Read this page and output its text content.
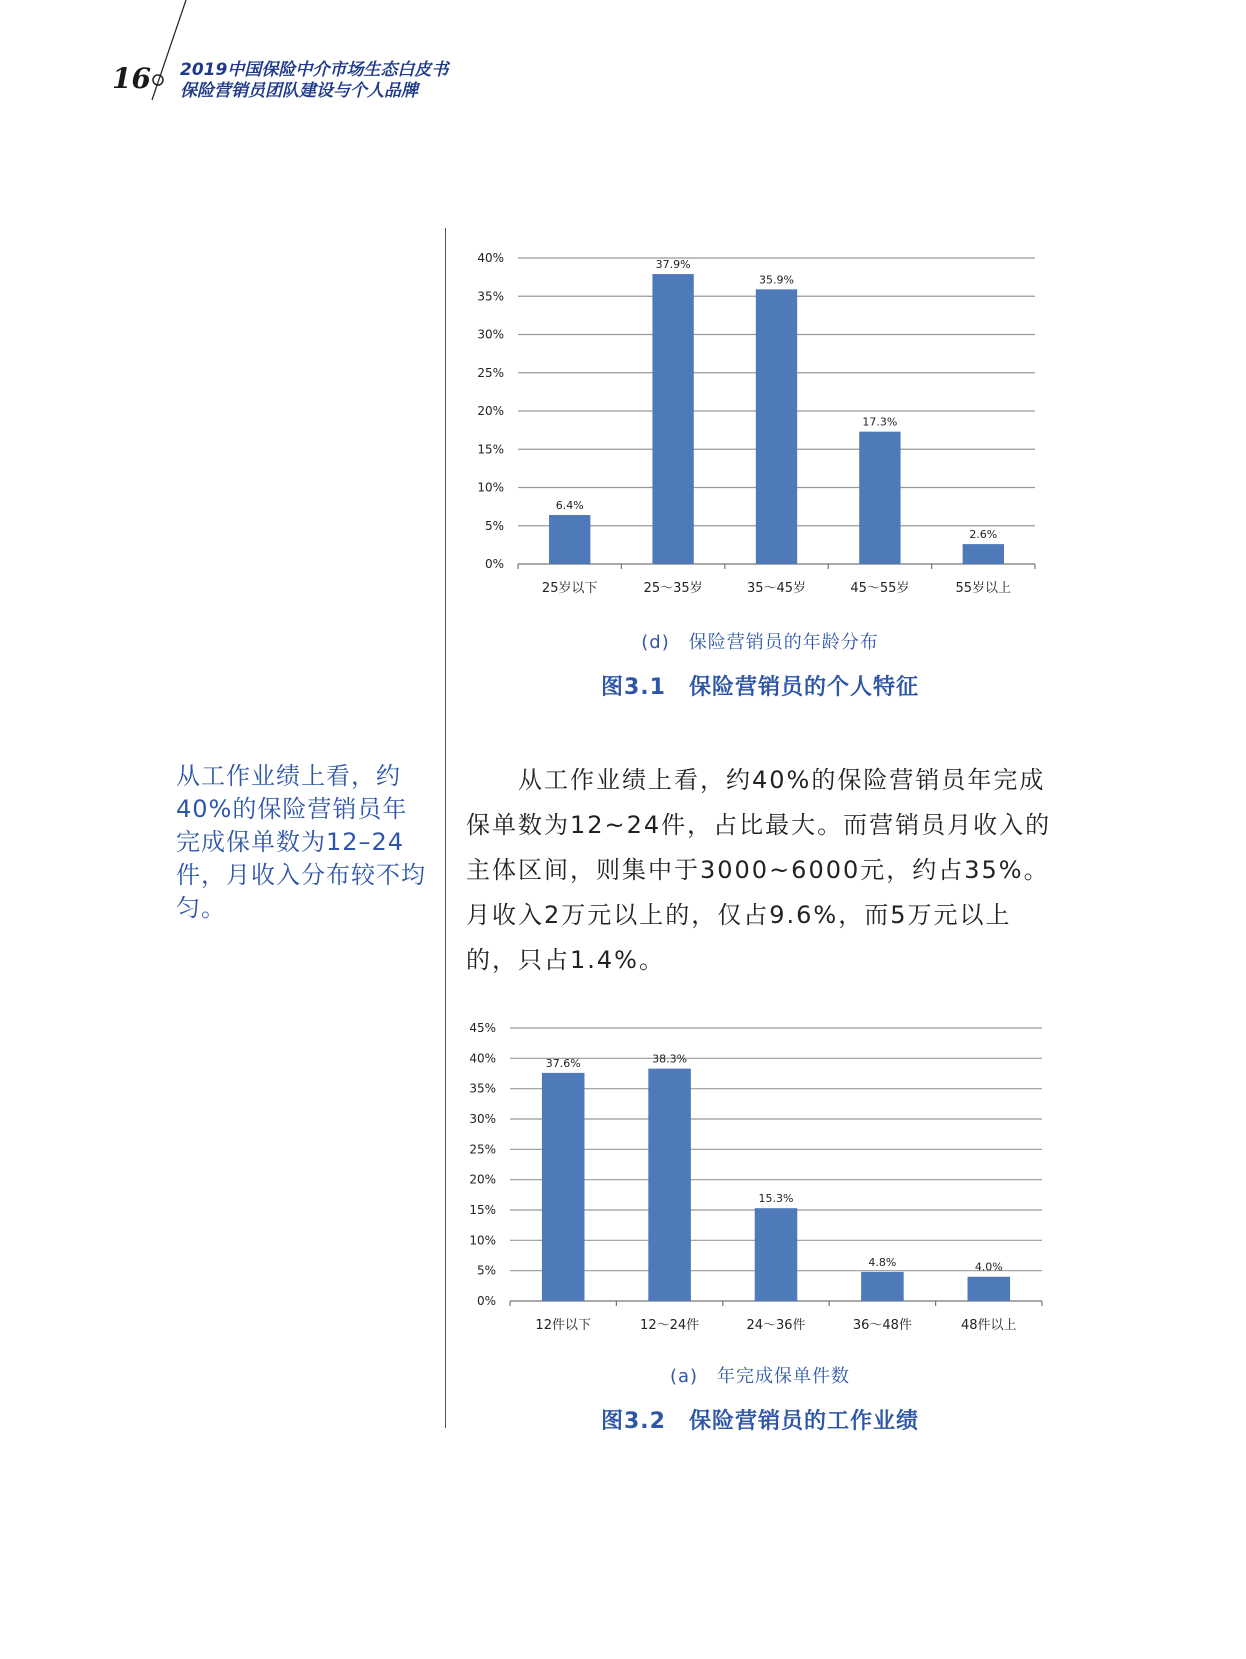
16 2019中国保险中介市场生态白皮书
保险营销员团队建设与个人品牌
0%
5%
10%
15%
20%
25%
30%
35%
40%
6.4%
25岁以下
37.9%
25～35岁
35.9%
35～45岁
17.3%
45～55岁
2.6%
55岁以上
(d)　保险营销员的年龄分布
图3.1　保险营销员的个人特征
从工作业绩上看，约40%的保险营销员年完成保单数为12–24件，月收入分布较不均匀。
从工作业绩上看，约40%的保险营销员年完成保单数为12~24件，占比最大。而营销员月收入的主体区间，则集中于3000~6000元，约占35%。月收入2万元以上的，仅占9.6%，而5万元以上的，只占1.4%。
0%
5%
10%
15%
20%
25%
30%
35%
40%
45%
37.6%
12件以下
38.3%
12～24件
15.3%
24～36件
4.8%
36～48件
4.0%
48件以上
(a)　年完成保单件数
图3.2　保险营销员的工作业绩
